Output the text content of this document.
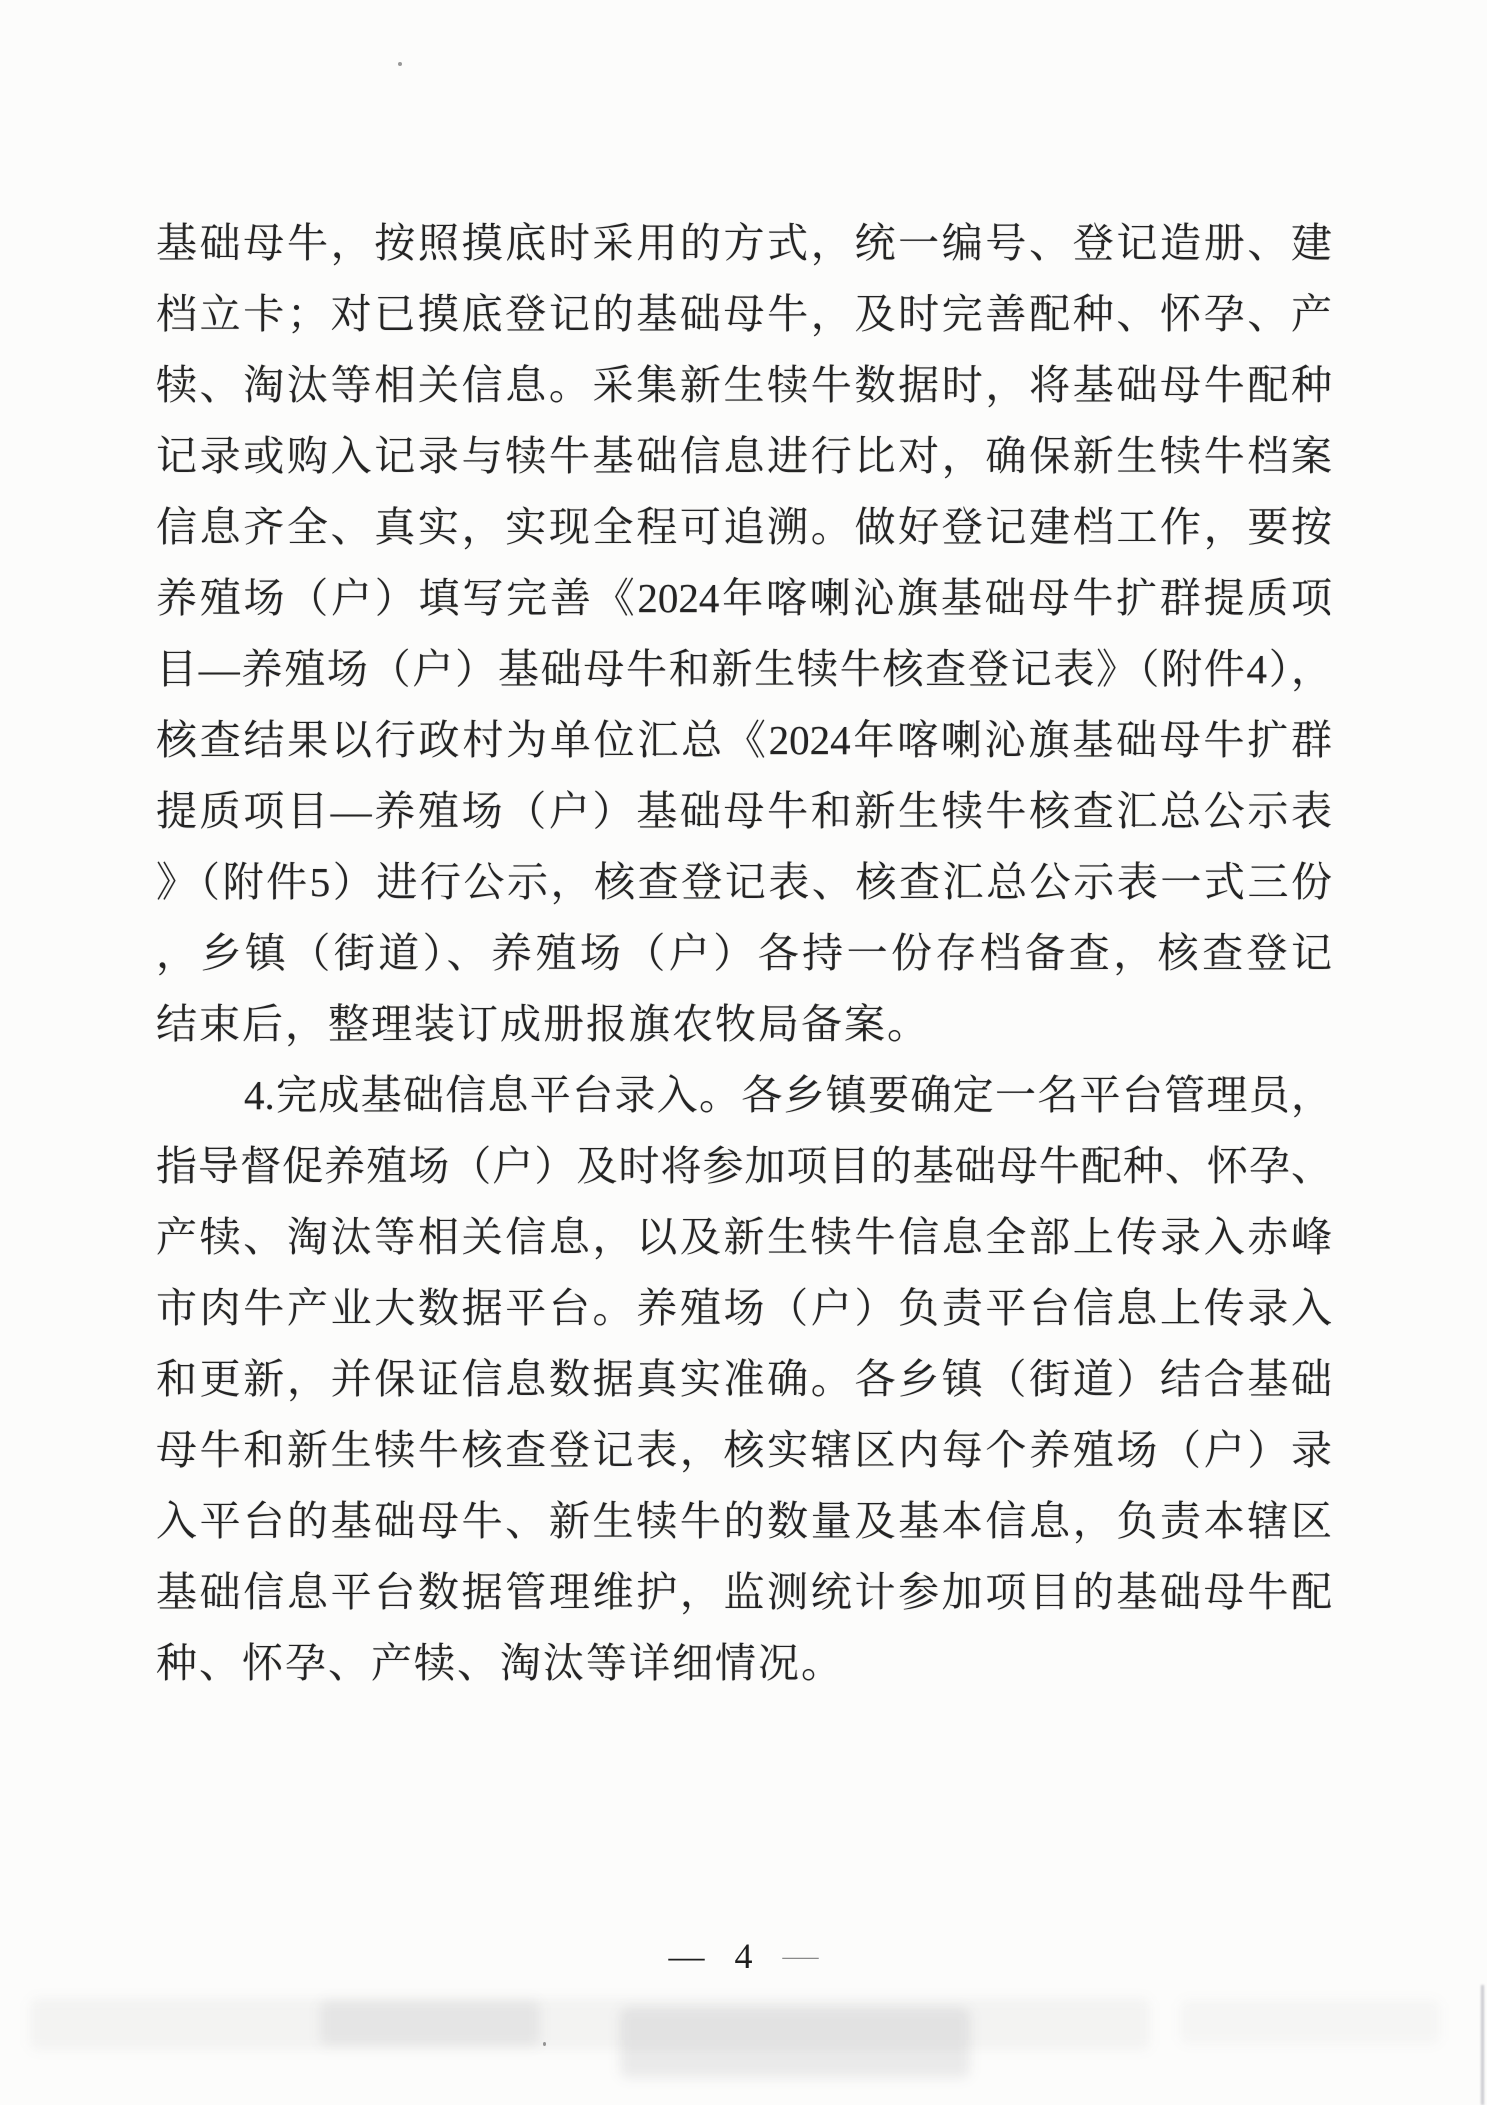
基础母牛，按照摸底时采用的方式，统一编号、登记造册、建
档立卡；对已摸底登记的基础母牛，及时完善配种、怀孕、产
犊、淘汰等相关信息。采集新生犊牛数据时，将基础母牛配种
记录或购入记录与犊牛基础信息进行比对，确保新生犊牛档案
信息齐全、真实，实现全程可追溯。做好登记建档工作，要按
养殖场（户）填写完善《2024年喀喇沁旗基础母牛扩群提质项
目—养殖场（户）基础母牛和新生犊牛核查登记表》（附件4），
核查结果以行政村为单位汇总《2024年喀喇沁旗基础母牛扩群
提质项目—养殖场（户）基础母牛和新生犊牛核查汇总公示表
》（附件5）进行公示，核查登记表、核查汇总公示表一式三份
，乡镇（街道）、养殖场（户）各持一份存档备查，核查登记
结束后，整理装订成册报旗农牧局备案。
4.完成基础信息平台录入。各乡镇要确定一名平台管理员，
指导督促养殖场（户）及时将参加项目的基础母牛配种、怀孕、
产犊、淘汰等相关信息，以及新生犊牛信息全部上传录入赤峰
市肉牛产业大数据平台。养殖场（户）负责平台信息上传录入
和更新，并保证信息数据真实准确。各乡镇（街道）结合基础
母牛和新生犊牛核查登记表，核实辖区内每个养殖场（户）录
入平台的基础母牛、新生犊牛的数量及基本信息，负责本辖区
基础信息平台数据管理维护，监测统计参加项目的基础母牛配
种、怀孕、产犊、淘汰等详细情况。
— 4 —
